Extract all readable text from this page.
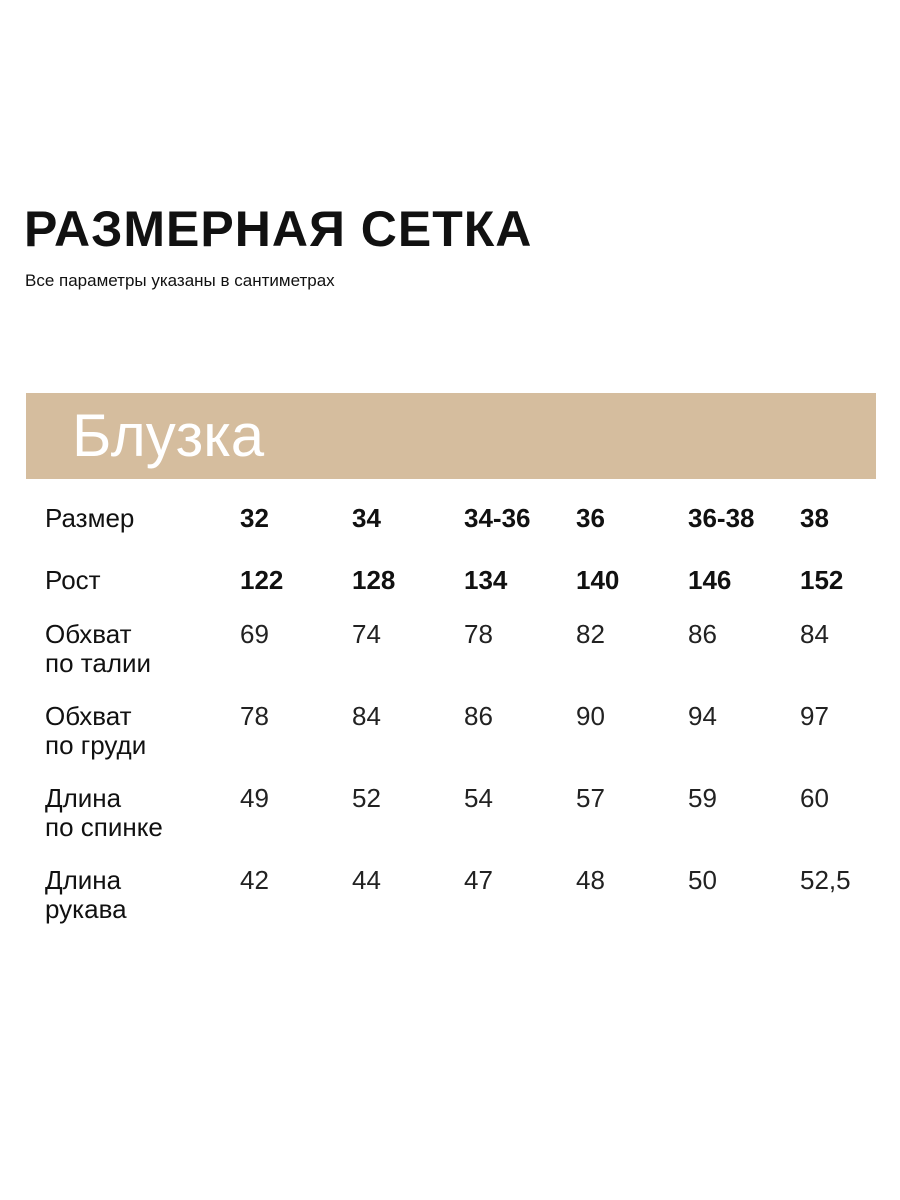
РАЗМЕРНАЯ СЕТКА

Все параметры указаны в сантиметрах

Блузка
Размер	32	34	34-36	36	36-38	38

Рост	122	128	134	140	146	152

Обхват
по талии	69	74	78	82	86	84

Обхват
по груди	78	84	86	90	94	97

Длина
по спинке	49	52	54	57	59	60

Длина
рукава	42	44	47	48	50	52,5
